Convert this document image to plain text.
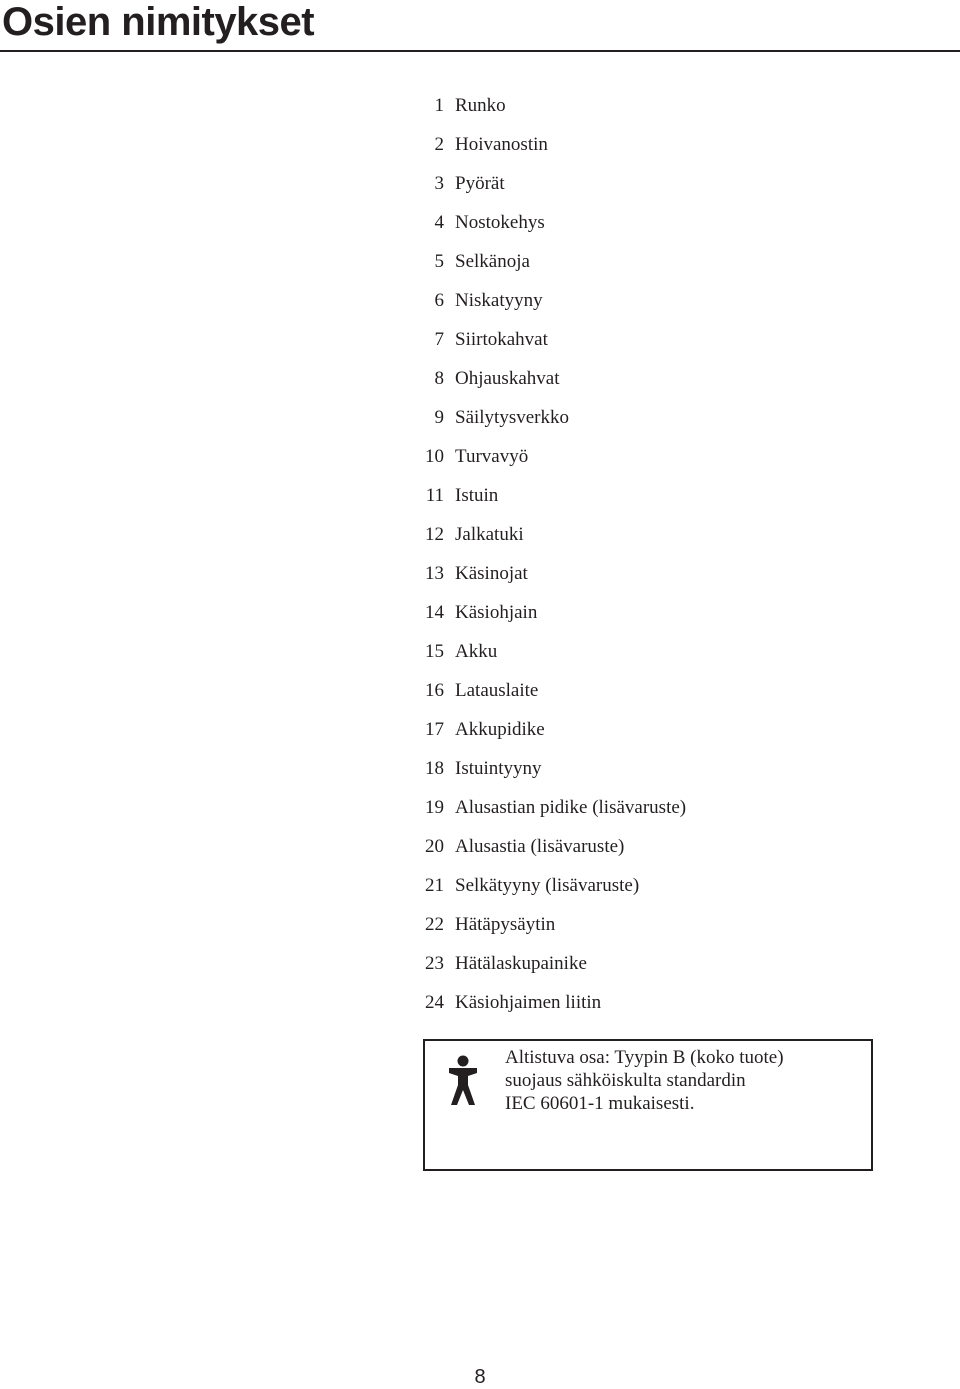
Osien nimitykset
1 Runko
2 Hoivanostin
3 Pyörät
4 Nostokehys
5 Selkänoja
6 Niskatyyny
7 Siirtokahvat
8 Ohjauskahvat
9 Säilytysverkko
10 Turvavyö
11 Istuin
12 Jalkatuki
13 Käsinojat
14 Käsiohjain
15 Akku
16 Latauslaite
17 Akkupidike
18 Istuintyyny
19 Alusastian pidike (lisävaruste)
20 Alusastia (lisävaruste)
21 Selkätyyny (lisävaruste)
22 Hätäpysäytin
23 Hätälaskupainike
24 Käsiohjaimen liitin
Altistuva osa: Tyypin B (koko tuote)
suojaus sähköiskulta standardin
IEC 60601-1 mukaisesti.
8
